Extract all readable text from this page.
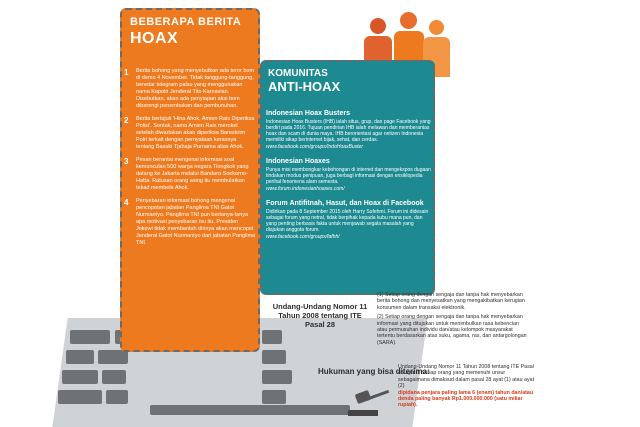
BEBERAPA BERITA
HOAX
1	Berita bohong yang menyebutkan ada teror bom di demo 4 November. Tidak tanggung-tanggung, beredar telegram palsu yang menggunakan nama Kapolri Jenderal Tito Karnavian. Disebutkan, akan ada penyiapan aksi bom dibarengi penembakan dan pembunuhan.
2	Berita bertajuk 'Hina Ahok, Amien Rais Diperiksa Polisi'. Sontak, nama Amien Rais merokel setelah diwartakan akan diperiksa Bareskrim Polri terkait dengan pernyataan kerasnya tentang Basuki Tjahaja Purnama alias Ahok.
3	Pesan berantai mengenai informasi soal kemunculan 500 warga negara Tiongkok yang datang ke Jakarta melalui Bandara Soekarno-Hatta. Ratusan orang asing itu membulatkan tekad membela Ahok.
4	Penyebaran informasi bohong mengenai pencopotan jabatan Panglima TNI Gatot Nurmantyo. Panglima TNI pun bertanya-tanya apa motivasi penyebaran isu itu. Presiden Jokowi tidak membantah dirinya akan mencopot Jenderal Gatot Nurmantyo dari jabatan Panglima TNI.
KOMUNITAS
ANTI-HOAX
Indonesian Hoax Busters
Indonesian Hoax Busters (IHB) ialah situs, grup, dan page Facebook yang berdiri pada 2016. Tujuan pendirian IHB ialah melawan dan memberantas hoax dan scam di dunia maya. IHB berorientasi agar netizen Indonesia memiliki sikap berinternet bijak, sehat, dan cerdas.
www.facebook.com/groups/IndoHoaxBuster
Indonesian Hoaxes
Punya misi membongkar kebohongan di internet dan mengekspos dugaan tindakan modus penipuan, juga berbagi informasi dengan ensiklopedia perihal fenomena alam semesta.
www.forum.indonesianhoaxes.com/
Forum Antifitnah, Hasut, dan Hoax di Facebook
Didirikan pada 8 September 2015 oleh Harry Sufehmi. Forum ini didesain sebagai forum yang netral, tidak berpihak kepada kubu mana pun, dan yang penting berbasis fakta untuk menjawab segala masalah yang diajukan anggota forum.
www.facebook.com/groups/fafhh/
Undang-Undang Nomor 11 Tahun 2008 tentang ITE Pasal 28

(1) Setiap orang dengan sengaja dan tanpa hak menyebarkan berita bohong dan menyesatkan yang mengakibatkan kerugian konsumen dalam transaksi elektronik.

(2) Setiap orang dengan sengaja dan tanpa hak menyebarkan informasi yang ditujukan untuk menimbulkan rasa kebencian atau permusuhan individu dan/atau kelompok masyarakat tertentu berdasarkan atas suku, agama, ras, dan antargolongan (SARA).

Hukuman yang bisa diterima:

Undang-Undang Nomor 11 Tahun 2008 tentang ITE Pasal 45 ayat 1 Setiap orang yang memenuhi unsur sebagaimana dimaksud dalam pasal 28 ayat (1) atau ayat (2)

dipidana penjara paling lama 6 (enam) tahun dan/atau denda paling banyak Rp1.000.000.000 (satu miliar rupiah).
